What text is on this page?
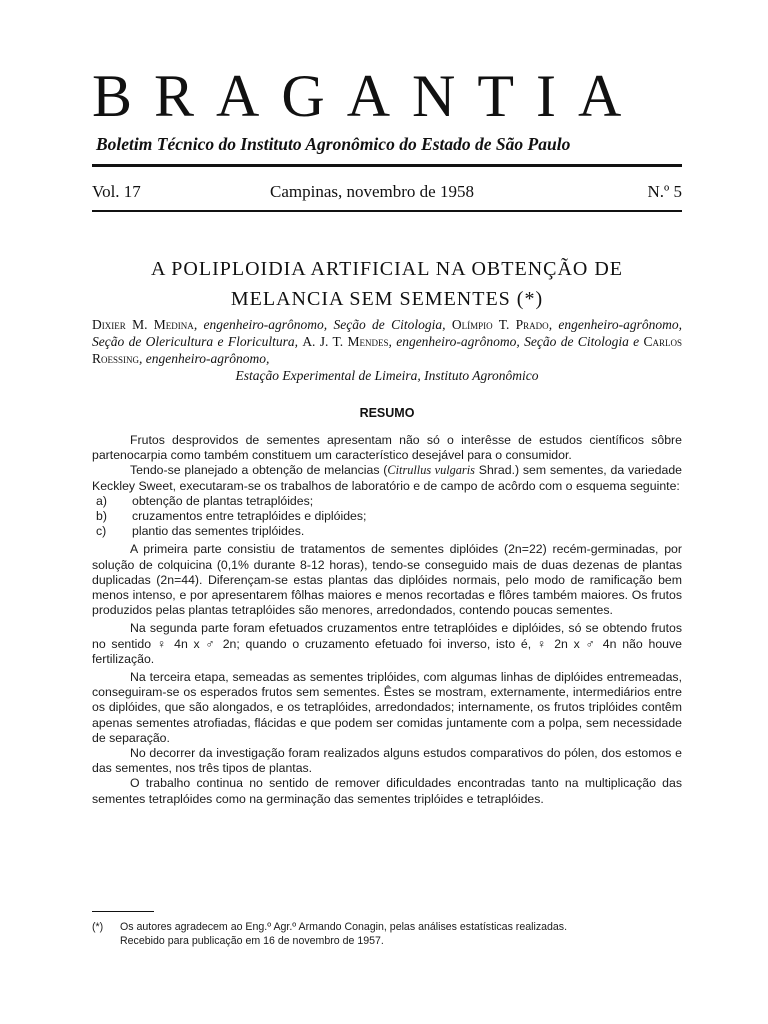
BRAGANTIA
Boletim Técnico do Instituto Agronômico do Estado de São Paulo
Vol. 17	Campinas, novembro de 1958	N.º 5
A POLIPLOIDIA ARTIFICIAL NA OBTENÇÃO DE
MELANCIA SEM SEMENTES (*)
Dixier M. Medina, engenheiro-agrônomo, Seção de Citologia, Olímpio T. Prado, engenheiro-agrônomo, Seção de Olericultura e Floricultura, A. J. T. Mendes, engenheiro-agrônomo, Seção de Citologia e Carlos Roessing, engenheiro-agrônomo,
Estação Experimental de Limeira, Instituto Agronômico
RESUMO

Frutos desprovidos de sementes apresentam não só o interêsse de estudos científicos sôbre partenocarpia como também constituem um característico desejável para o consumidor.

Tendo-se planejado a obtenção de melancias (Citrullus vulgaris Shrad.) sem sementes, da variedade Keckley Sweet, executaram-se os trabalhos de laboratório e de campo de acôrdo com o esquema seguinte:

a)	obtenção de plantas tetraplóides;
b)	cruzamentos entre tetraplóides e diplóides;
c)	plantio das sementes triplóides.

A primeira parte consistiu de tratamentos de sementes diplóides (2n=22) recém-germinadas, por solução de colquicina (0,1% durante 8-12 horas), tendo-se conseguido mais de duas dezenas de plantas duplicadas (2n=44). Diferençam-se estas plantas das diplóides normais, pelo modo de ramificação bem menos intenso, e por apresentarem fôlhas maiores e menos recortadas e flôres também maiores. Os frutos produzidos pelas plantas tetraplóides são menores, arredondados, contendo poucas sementes.

Na segunda parte foram efetuados cruzamentos entre tetraplóides e diplóides, só se obtendo frutos no sentido ♀ 4n x ♂ 2n; quando o cruzamento efetuado foi inverso, isto é, ♀ 2n x ♂ 4n não houve fertilização.

Na terceira etapa, semeadas as sementes triplóides, com algumas linhas de diplóides entremeadas, conseguiram-se os esperados frutos sem sementes. Êstes se mostram, externamente, intermediários entre os diplóides, que são alongados, e os tetraplóides, arredondados; internamente, os frutos triplóides contêm apenas sementes atrofiadas, flácidas e que podem ser comidas juntamente com a polpa, sem necessidade de separação.

No decorrer da investigação foram realizados alguns estudos comparativos do pólen, dos estomos e das sementes, nos três tipos de plantas.

O trabalho continua no sentido de remover dificuldades encontradas tanto na multiplicação das sementes tetraplóides como na germinação das sementes triplóides e tetraplóides.

(*) Os autores agradecem ao Eng.º Agr.º Armando Conagin, pelas análises estatísticas realizadas.
Recebido para publicação em 16 de novembro de 1957.
